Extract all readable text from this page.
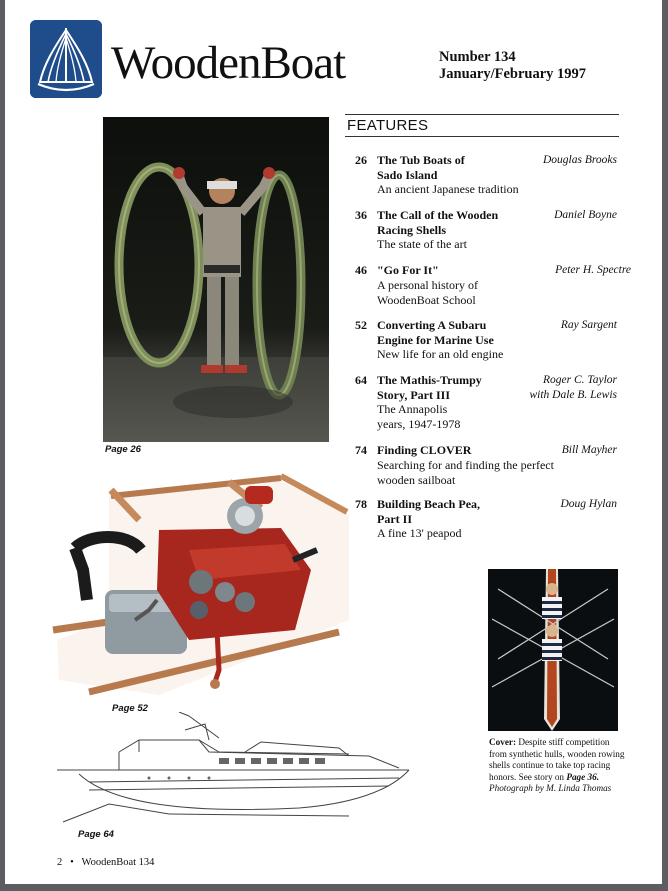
WoodenBoat	Number 134
January/February 1997
Page 26
Page 52
Page 64
FEATURES
26 The Tub Boats of Sado Island
Douglas Brooks
An ancient Japanese tradition
36 The Call of the Wooden Racing Shells
Daniel Boyne
The state of the art
46 "Go For It"	Peter H. Spectre
A personal history of WoodenBoat School
52 Converting A Subaru Engine for Marine Use
Ray Sargent
New life for an old engine
64 The Mathis-Trumpy Story, Part III
Roger C. Taylor
with Dale B. Lewis
The Annapolis years, 1947-1978
74 Finding CLOVER	Bill Mayher
Searching for and finding the perfect wooden sailboat
78 Building Beach Pea, Part II
Doug Hylan
A fine 13' peapod
Cover: Despite stiff competition from synthetic hulls, wooden rowing shells continue to take top racing honors. See story on Page 36.
Photograph by M. Linda Thomas
2 • WoodenBoat 134
